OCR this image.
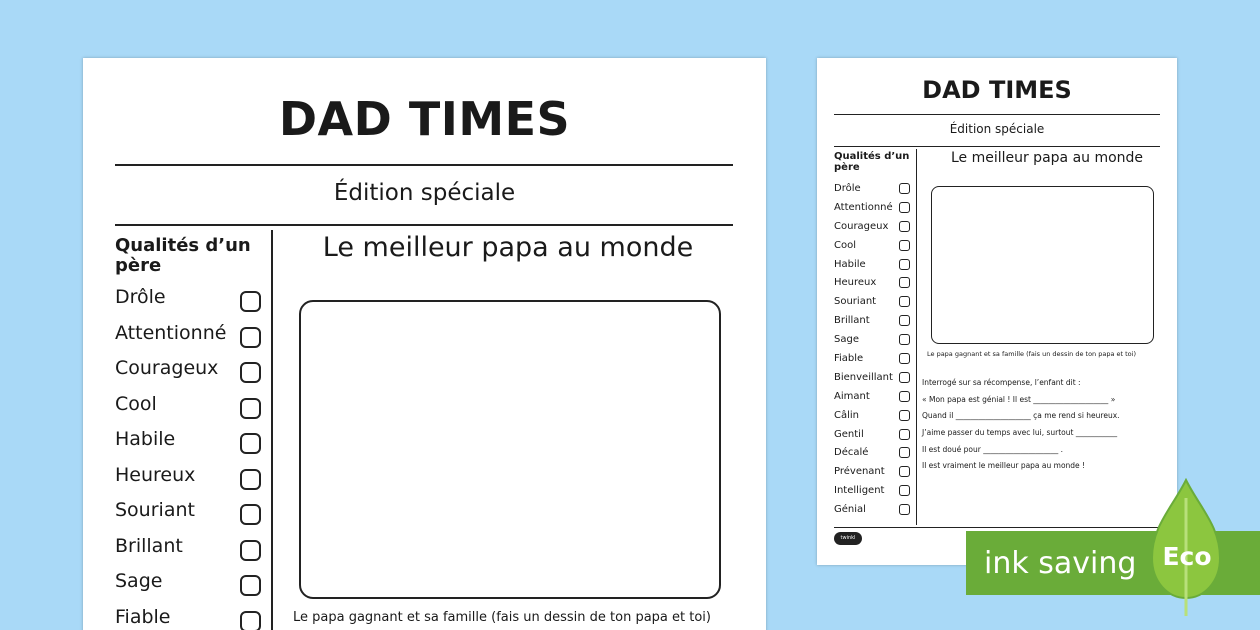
DAD TIMES
Édition spéciale
Qualités d’un père
Drôle
Attentionné
Courageux
Cool
Habile
Heureux
Souriant
Brillant
Sage
Fiable
Le meilleur papa au monde
Le papa gagnant et sa famille (fais un dessin de ton papa et toi)
DAD TIMES
Édition spéciale
Qualités d’un père
Drôle
Attentionné
Courageux
Cool
Habile
Heureux
Souriant
Brillant
Sage
Fiable
Bienveillant
Aimant
Câlin
Gentil
Décalé
Prévenant
Intelligent
Génial
Le meilleur papa au monde
Le papa gagnant et sa famille (fais un dessin de ton papa et toi)
Interrogé sur sa récompense, l’enfant dit :
« Mon papa est génial ! Il est ____________________ »
Quand il ____________________ ça me rend si heureux.
J’aime passer du temps avec lui, surtout ___________
Il est doué pour ____________________ .
Il est vraiment le meilleur papa au monde !
twinkl
ink saving Eco
